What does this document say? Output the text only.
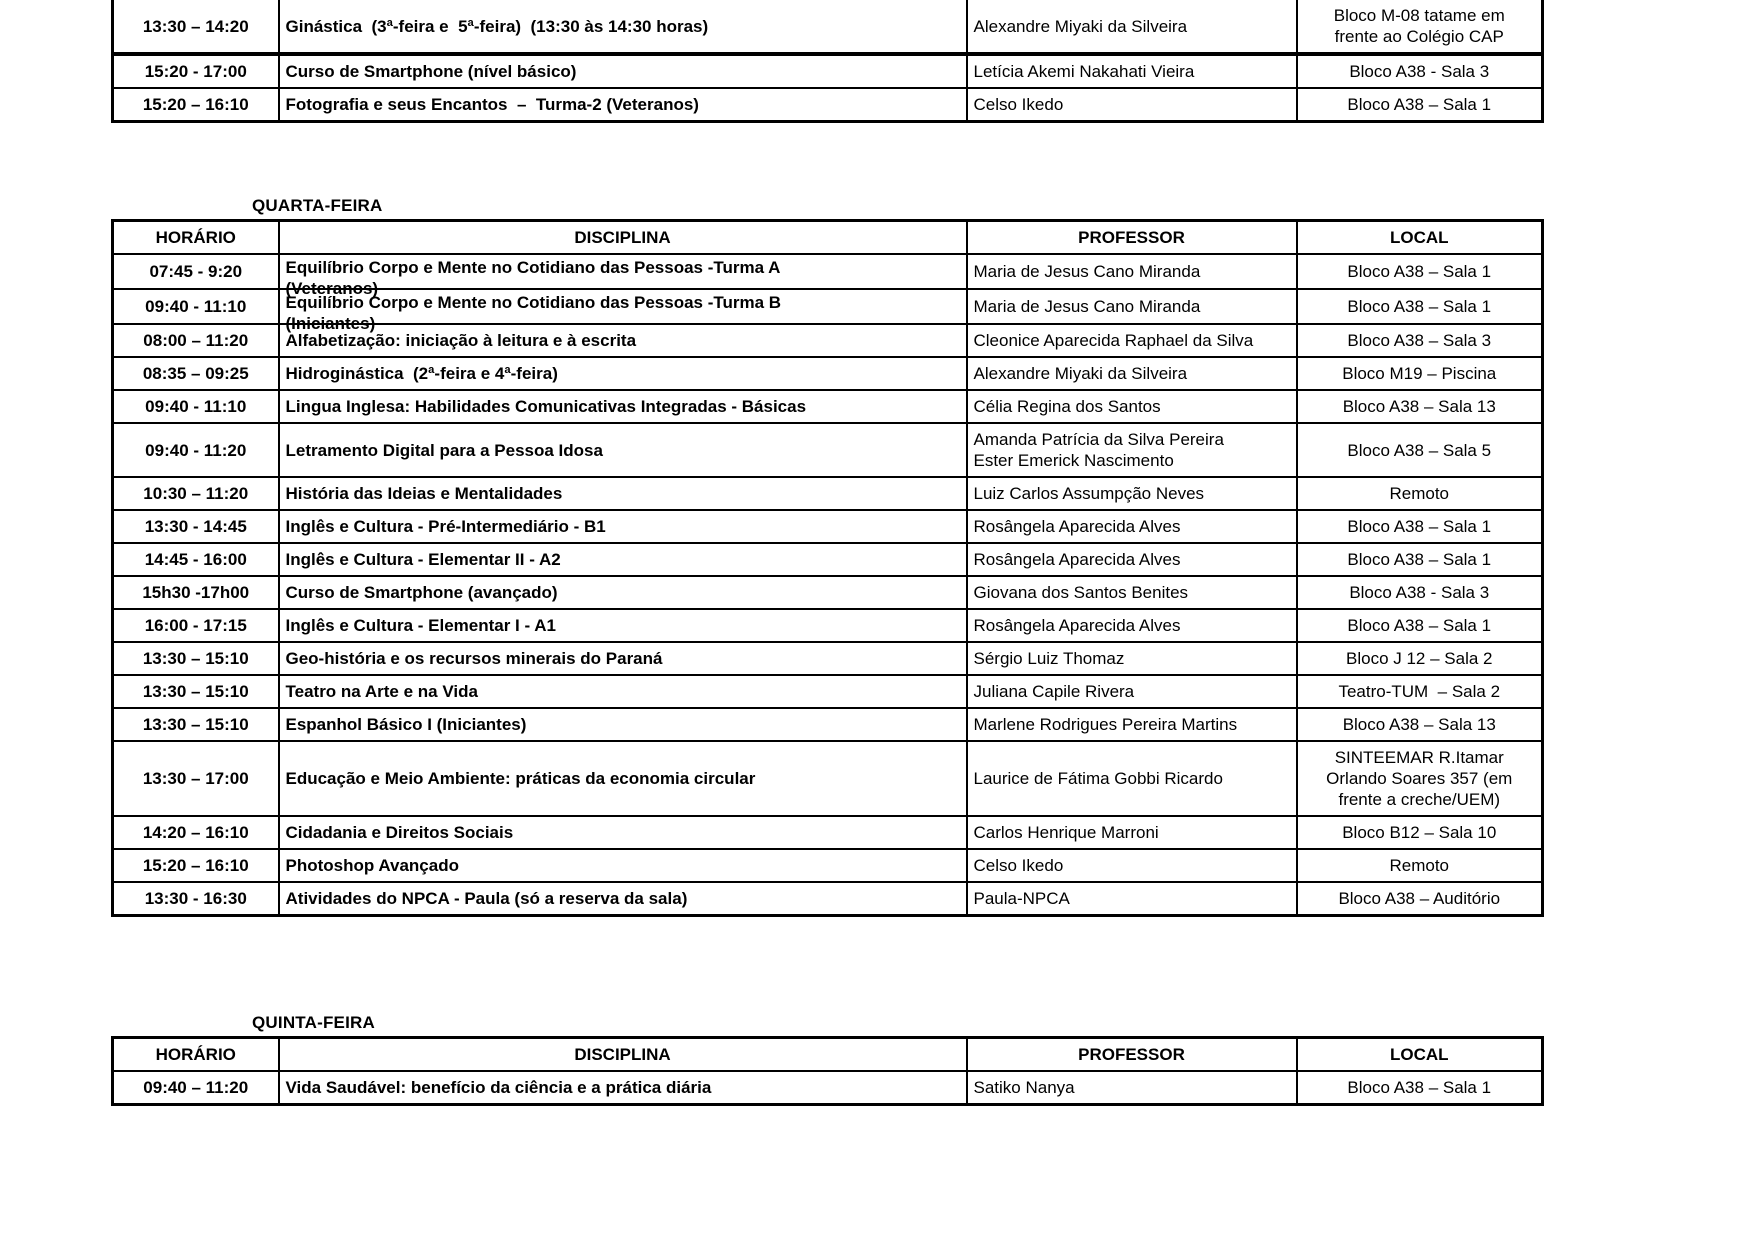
13:30 – 14:20	Ginástica  (3ª-feira e  5ª-feira)  (13:30 às 14:30 horas)	Alexandre Miyaki da Silveira	Bloco M-08 tatame em
frente ao Colégio CAP

15:20 - 17:00	Curso de Smartphone (nível básico)	Letícia Akemi Nakahati Vieira	Bloco A38 - Sala 3

15:20 – 16:10	Fotografia e seus Encantos  –  Turma-2 (Veteranos)	Celso Ikedo	Bloco A38 – Sala 1
QUARTA-FEIRA
HORÁRIO	DISCIPLINA	PROFESSOR	LOCAL
07:45 - 9:20	Equilíbrio Corpo e Mente no Cotidiano das Pessoas -Turma A
(Veteranos)	Maria de Jesus Cano Miranda	Bloco A38 – Sala 1

09:40 - 11:10	Equilíbrio Corpo e Mente no Cotidiano das Pessoas -Turma B
(Iniciantes)	Maria de Jesus Cano Miranda	Bloco A38 – Sala 1

08:00 – 11:20	Alfabetização: iniciação à leitura e à escrita	Cleonice Aparecida Raphael da Silva	Bloco A38 – Sala 3

08:35 – 09:25	Hidroginástica  (2ª-feira e 4ª-feira)	Alexandre Miyaki da Silveira	Bloco M19 – Piscina

09:40 - 11:10	Lingua Inglesa: Habilidades Comunicativas Integradas - Básicas	Célia Regina dos Santos	Bloco A38 – Sala 13

09:40 - 11:20	Letramento Digital para a Pessoa Idosa	Amanda Patrícia da Silva Pereira
Ester Emerick Nascimento	Bloco A38 – Sala 5

10:30 – 11:20	História das Ideias e Mentalidades	Luiz Carlos Assumpção Neves	Remoto

13:30 - 14:45	Inglês e Cultura - Pré-Intermediário - B1	Rosângela Aparecida Alves	Bloco A38 – Sala 1

14:45 - 16:00	Inglês e Cultura - Elementar II - A2	Rosângela Aparecida Alves	Bloco A38 – Sala 1

15h30 -17h00	Curso de Smartphone (avançado)	Giovana dos Santos Benites	Bloco A38 - Sala 3

16:00 - 17:15	Inglês e Cultura - Elementar I - A1	Rosângela Aparecida Alves	Bloco A38 – Sala 1

13:30 – 15:10	Geo-história e os recursos minerais do Paraná	Sérgio Luiz Thomaz	Bloco J 12 – Sala 2

13:30 – 15:10	Teatro na Arte e na Vida	Juliana Capile Rivera	Teatro-TUM  – Sala 2

13:30 – 15:10	Espanhol Básico I (Iniciantes)	Marlene Rodrigues Pereira Martins	Bloco A38 – Sala 13

13:30 – 17:00	Educação e Meio Ambiente: práticas da economia circular	Laurice de Fátima Gobbi Ricardo	SINTEEMAR R.Itamar
Orlando Soares 357 (em
frente a creche/UEM)

14:20 – 16:10	Cidadania e Direitos Sociais	Carlos Henrique Marroni	Bloco B12 – Sala 10

15:20 – 16:10	Photoshop Avançado	Celso Ikedo	Remoto

13:30 - 16:30	Atividades do NPCA - Paula (só a reserva da sala)	Paula-NPCA	Bloco A38 – Auditório
QUINTA-FEIRA
HORÁRIO	DISCIPLINA	PROFESSOR	LOCAL
09:40 – 11:20	Vida Saudável: benefício da ciência e a prática diária	Satiko Nanya	Bloco A38 – Sala 1
